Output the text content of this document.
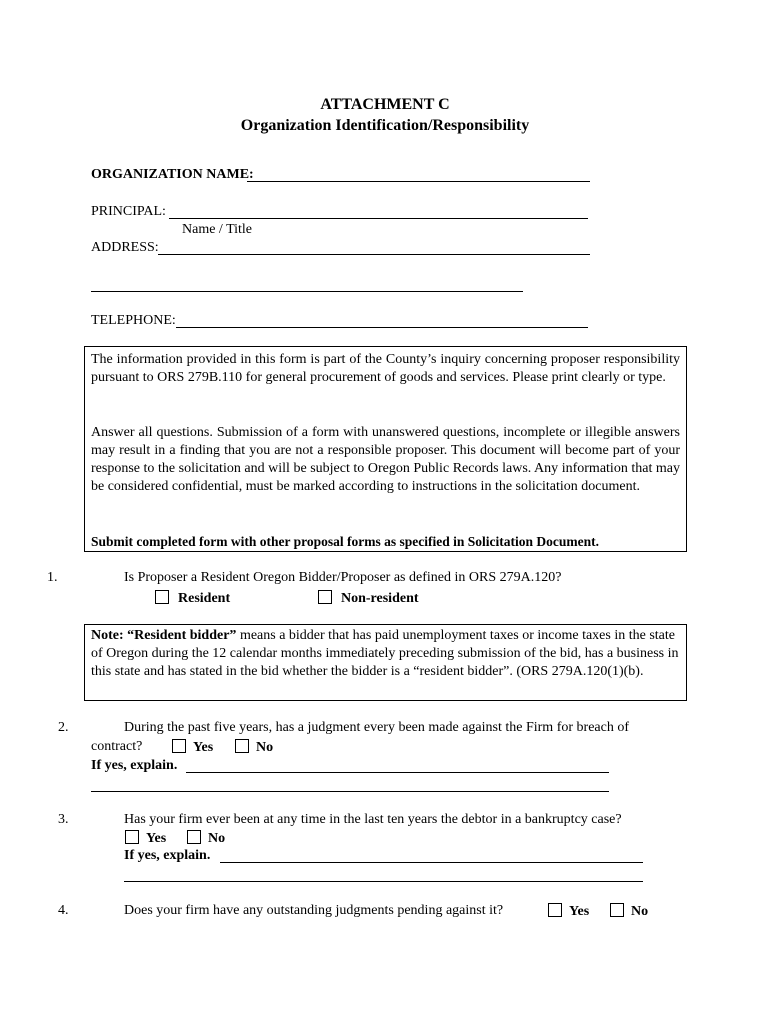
ATTACHMENT C
Organization Identification/Responsibility
ORGANIZATION NAME:
PRINCIPAL:
Name / Title
ADDRESS:
TELEPHONE:
The information provided in this form is part of the County’s inquiry concerning proposer responsibility pursuant to ORS 279B.110 for general procurement of goods and services. Please print clearly or type.
Answer all questions. Submission of a form with unanswered questions, incomplete or illegible answers may result in a finding that you are not a responsible proposer. This document will become part of your response to the solicitation and will be subject to Oregon Public Records laws. Any information that may be considered confidential, must be marked according to instructions in the solicitation document.
Submit completed form with other proposal forms as specified in Solicitation Document.
1.	Is Proposer a Resident Oregon Bidder/Proposer as defined in ORS 279A.120?
Resident	Non-resident
Note: “Resident bidder” means a bidder that has paid unemployment taxes or income taxes in the state of Oregon during the 12 calendar months immediately preceding submission of the bid, has a business in this state and has stated in the bid whether the bidder is a “resident bidder”. (ORS 279A.120(1)(b).
2.	During the past five years, has a judgment every been made against the Firm for breach of
contract?	Yes	No
If yes, explain.
3.	Has your firm ever been at any time in the last ten years the debtor in a bankruptcy case?
Yes	No
If yes, explain.
4.	Does your firm have any outstanding judgments pending against it?	Yes	No
